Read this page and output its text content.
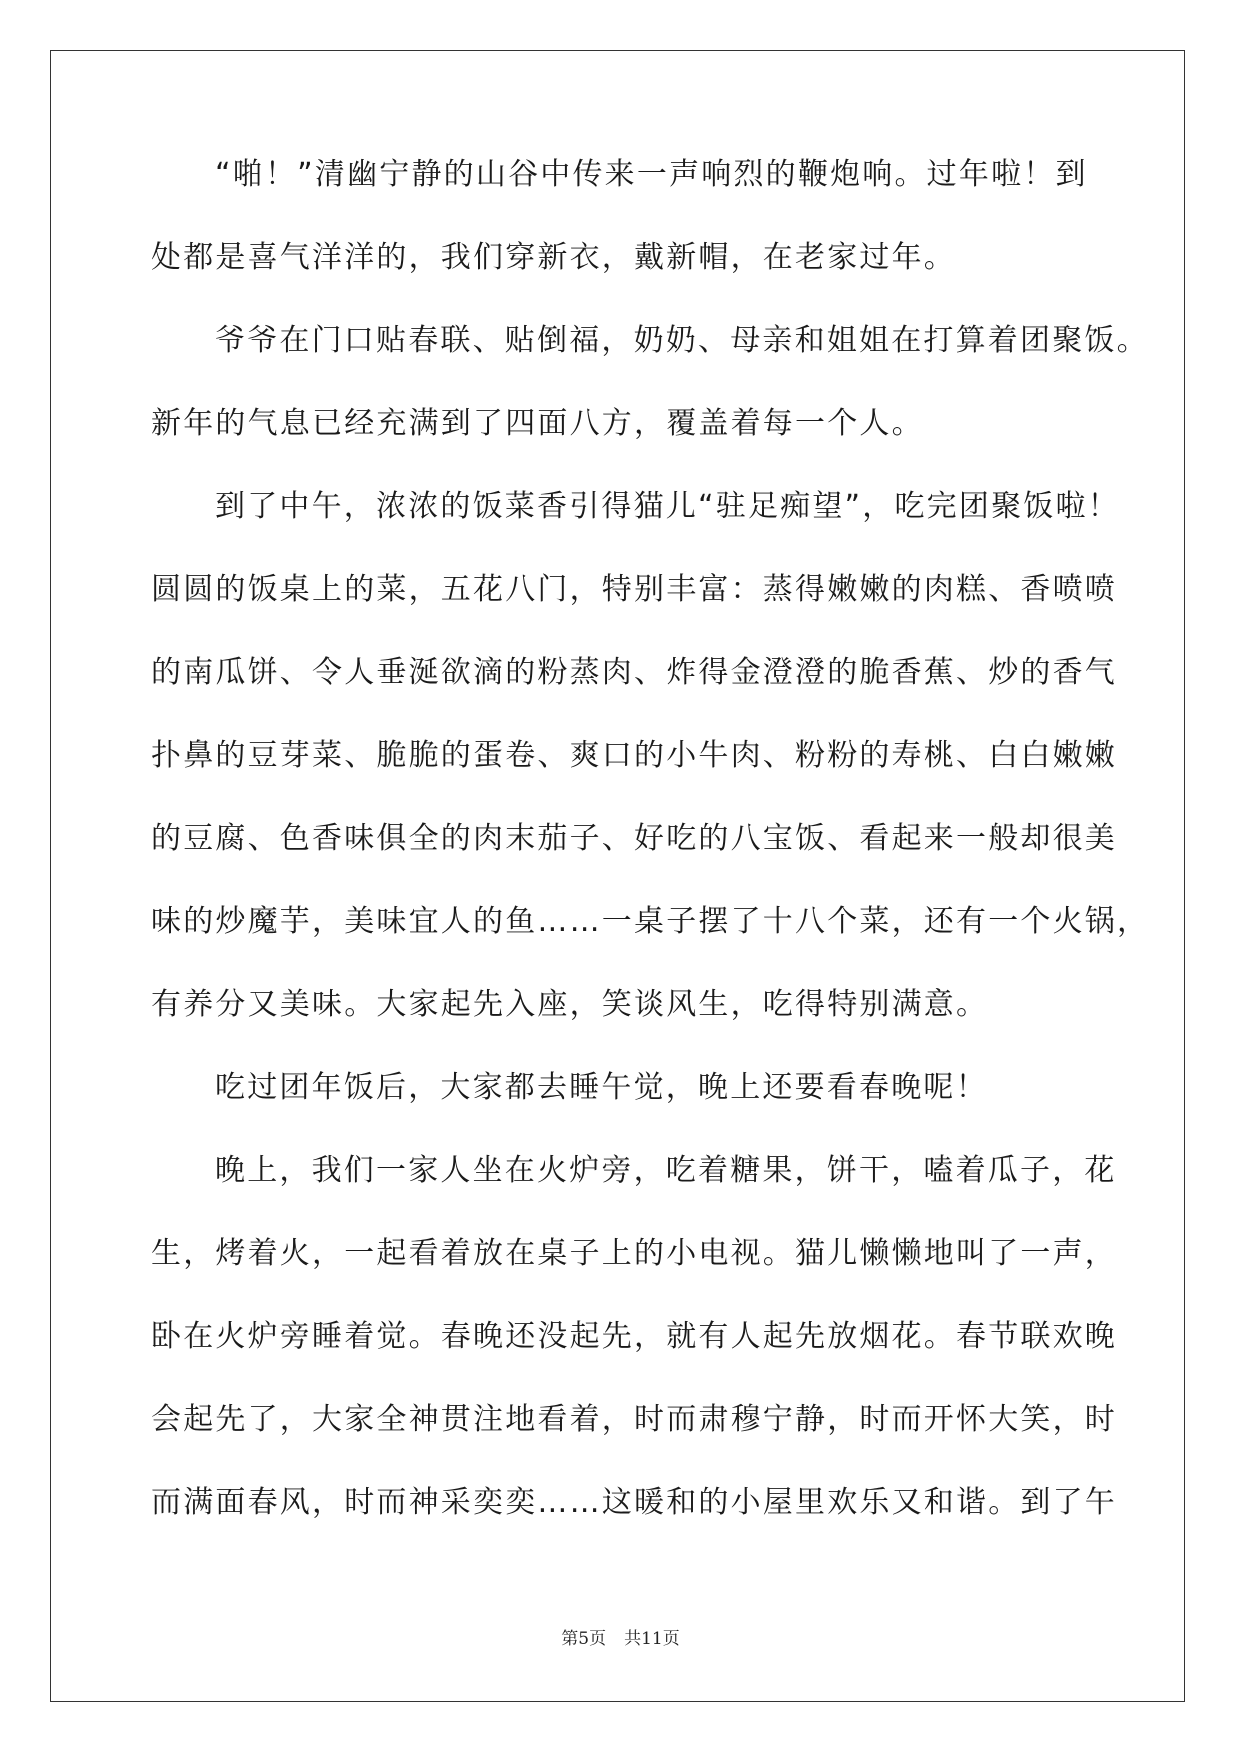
“啪！”清幽宁静的山谷中传来一声响烈的鞭炮响。过年啦！到
处都是喜气洋洋的，我们穿新衣，戴新帽，在老家过年。
爷爷在门口贴春联、贴倒福，奶奶、母亲和姐姐在打算着团聚饭。
新年的气息已经充满到了四面八方，覆盖着每一个人。
到了中午，浓浓的饭菜香引得猫儿“驻足痴望”，吃完团聚饭啦！
圆圆的饭桌上的菜，五花八门，特别丰富：蒸得嫩嫩的肉糕、香喷喷
的南瓜饼、令人垂涎欲滴的粉蒸肉、炸得金澄澄的脆香蕉、炒的香气
扑鼻的豆芽菜、脆脆的蛋卷、爽口的小牛肉、粉粉的寿桃、白白嫩嫩
的豆腐、色香味俱全的肉末茄子、好吃的八宝饭、看起来一般却很美
味的炒魔芋，美味宜人的鱼……一桌子摆了十八个菜，还有一个火锅，
有养分又美味。大家起先入座，笑谈风生，吃得特别满意。
吃过团年饭后，大家都去睡午觉，晚上还要看春晚呢！
晚上，我们一家人坐在火炉旁，吃着糖果，饼干，嗑着瓜子，花
生，烤着火，一起看着放在桌子上的小电视。猫儿懒懒地叫了一声，
卧在火炉旁睡着觉。春晚还没起先，就有人起先放烟花。春节联欢晚
会起先了，大家全神贯注地看着，时而肃穆宁静，时而开怀大笑，时
而满面春风，时而神采奕奕……这暖和的小屋里欢乐又和谐。到了午
第5页 共11页
